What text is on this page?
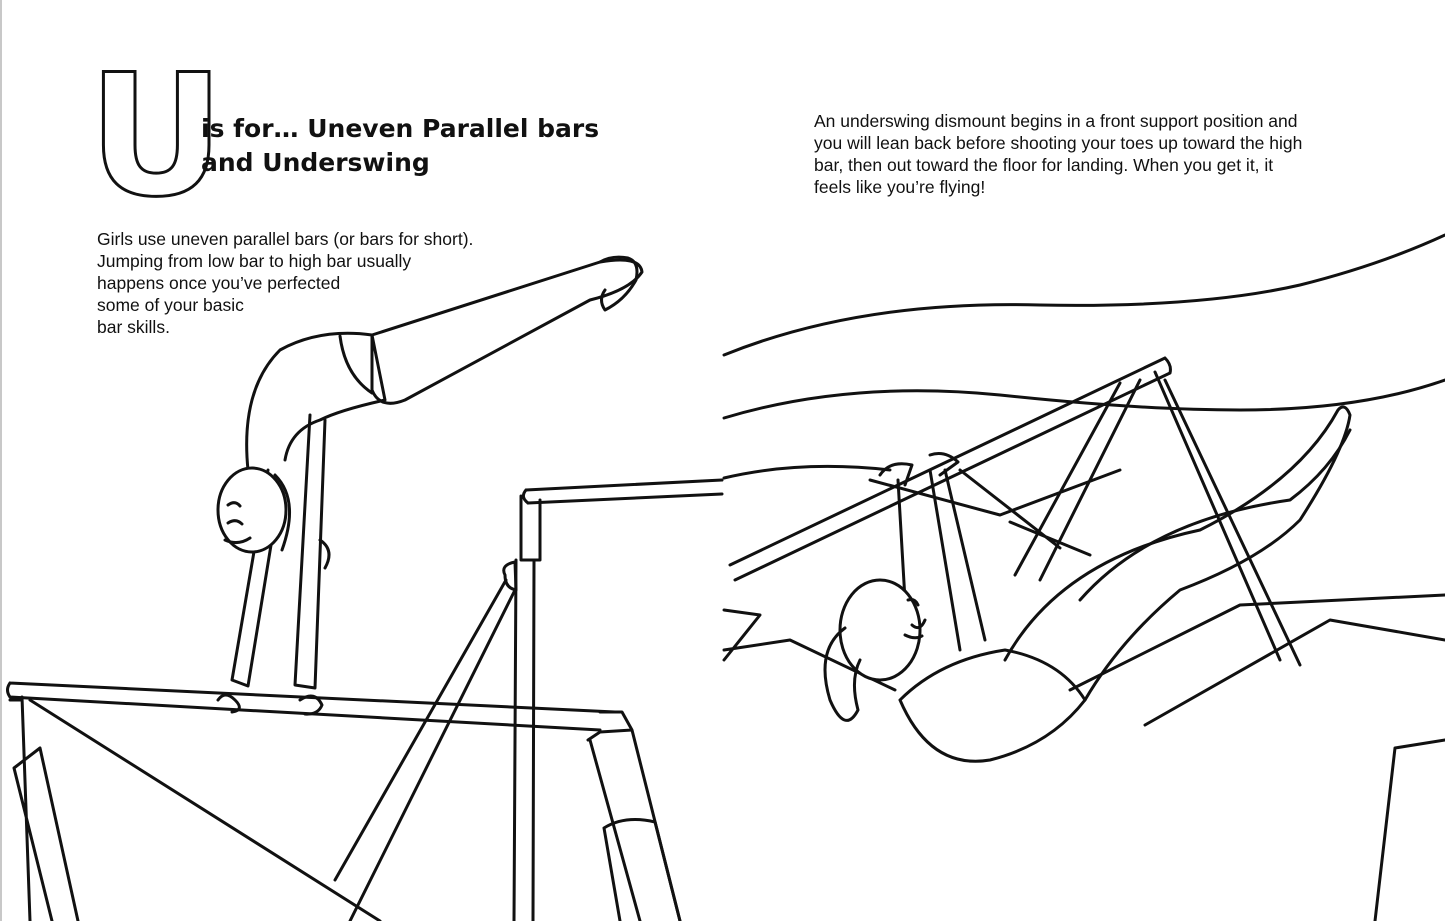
U
is for… Uneven Parallel bars
and Underswing

Girls use uneven parallel bars (or bars for short).
Jumping from low bar to high bar usually
happens once you’ve perfected
some of your basic
bar skills.

An underswing dismount begins in a front support position and
you will lean back before shooting your toes up toward the high
bar, then out toward the floor for landing. When you get it, it
feels like you’re flying!
